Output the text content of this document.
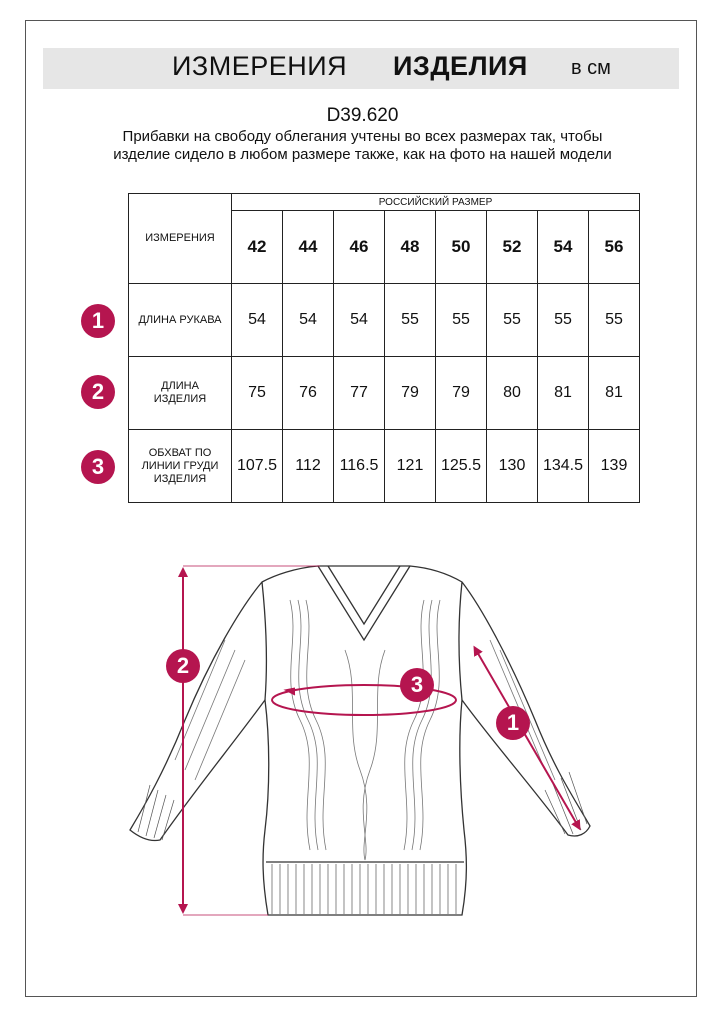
ИЗМЕРЕНИЯ ИЗДЕЛИЯ в см
D39.620
Прибавки на свободу облегания учтены во всех размерах так, чтобы изделие сидело в любом размере также, как на фото на нашей модели
ИЗМЕРЕНИЯ	РОССИЙСКИЙ РАЗМЕР							
	42	44	46	48	50	52	54	56
ДЛИНА РУКАВА	54	54	54	55	55	55	55	55

ДЛИНА ИЗДЕЛИЯ	75	76	77	79	79	80	81	81

ОБХВАТ ПО ЛИНИИ ГРУДИ ИЗДЕЛИЯ	107.5	112	116.5	121	125.5	130	134.5	139
1
2
3
2
3
1
